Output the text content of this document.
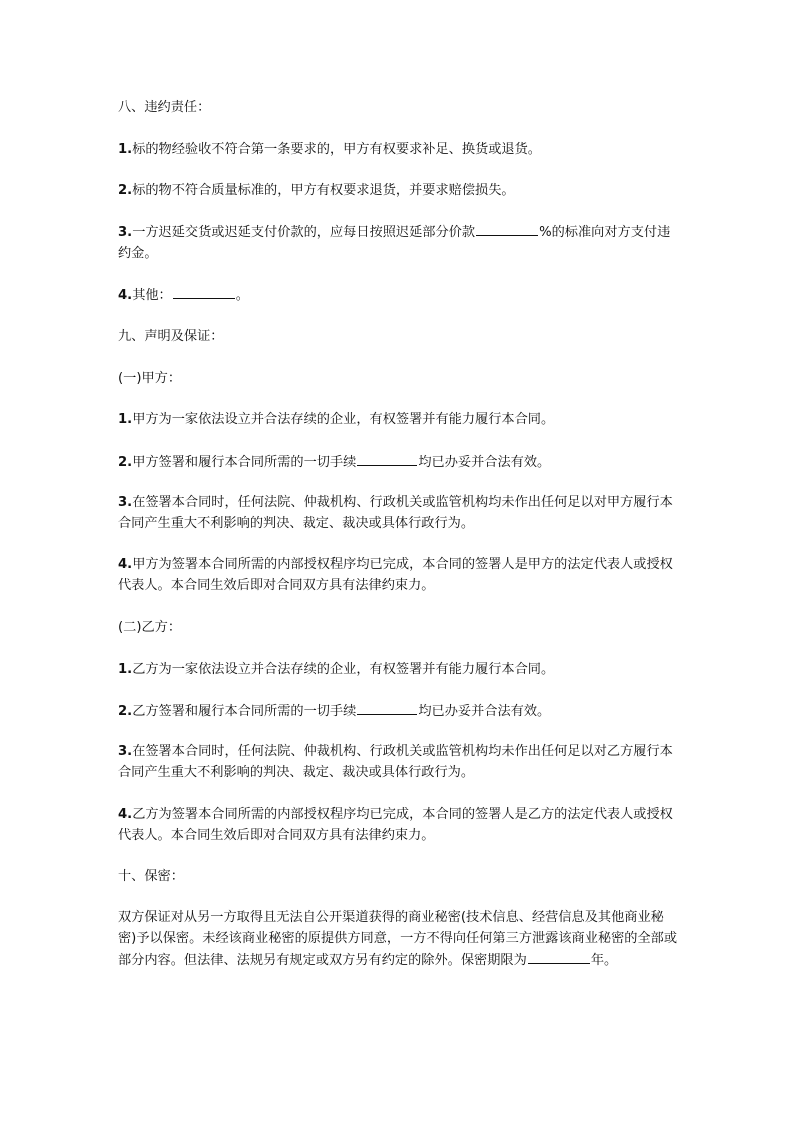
八、违约责任：

1.标的物经验收不符合第一条要求的，甲方有权要求补足、换货或退货。

2.标的物不符合质量标准的，甲方有权要求退货，并要求赔偿损失。

3.一方迟延交货或迟延支付价款的，应每日按照迟延部分价款	%的标准向对方支付违约金。

4.其他：	。

九、声明及保证：

(一)甲方：

1.甲方为一家依法设立并合法存续的企业，有权签署并有能力履行本合同。

2.甲方签署和履行本合同所需的一切手续	均已办妥并合法有效。

3.在签署本合同时，任何法院、仲裁机构、行政机关或监管机构均未作出任何足以对甲方履行本合同产生重大不利影响的判决、裁定、裁决或具体行政行为。

4.甲方为签署本合同所需的内部授权程序均已完成，本合同的签署人是甲方的法定代表人或授权代表人。本合同生效后即对合同双方具有法律约束力。

(二)乙方：

1.乙方为一家依法设立并合法存续的企业，有权签署并有能力履行本合同。

2.乙方签署和履行本合同所需的一切手续	均已办妥并合法有效。

3.在签署本合同时，任何法院、仲裁机构、行政机关或监管机构均未作出任何足以对乙方履行本合同产生重大不利影响的判决、裁定、裁决或具体行政行为。

4.乙方为签署本合同所需的内部授权程序均已完成，本合同的签署人是乙方的法定代表人或授权代表人。本合同生效后即对合同双方具有法律约束力。

十、保密：

双方保证对从另一方取得且无法自公开渠道获得的商业秘密(技术信息、经营信息及其他商业秘密)予以保密。未经该商业秘密的原提供方同意，一方不得向任何第三方泄露该商业秘密的全部或部分内容。但法律、法规另有规定或双方另有约定的除外。保密期限为	年。
